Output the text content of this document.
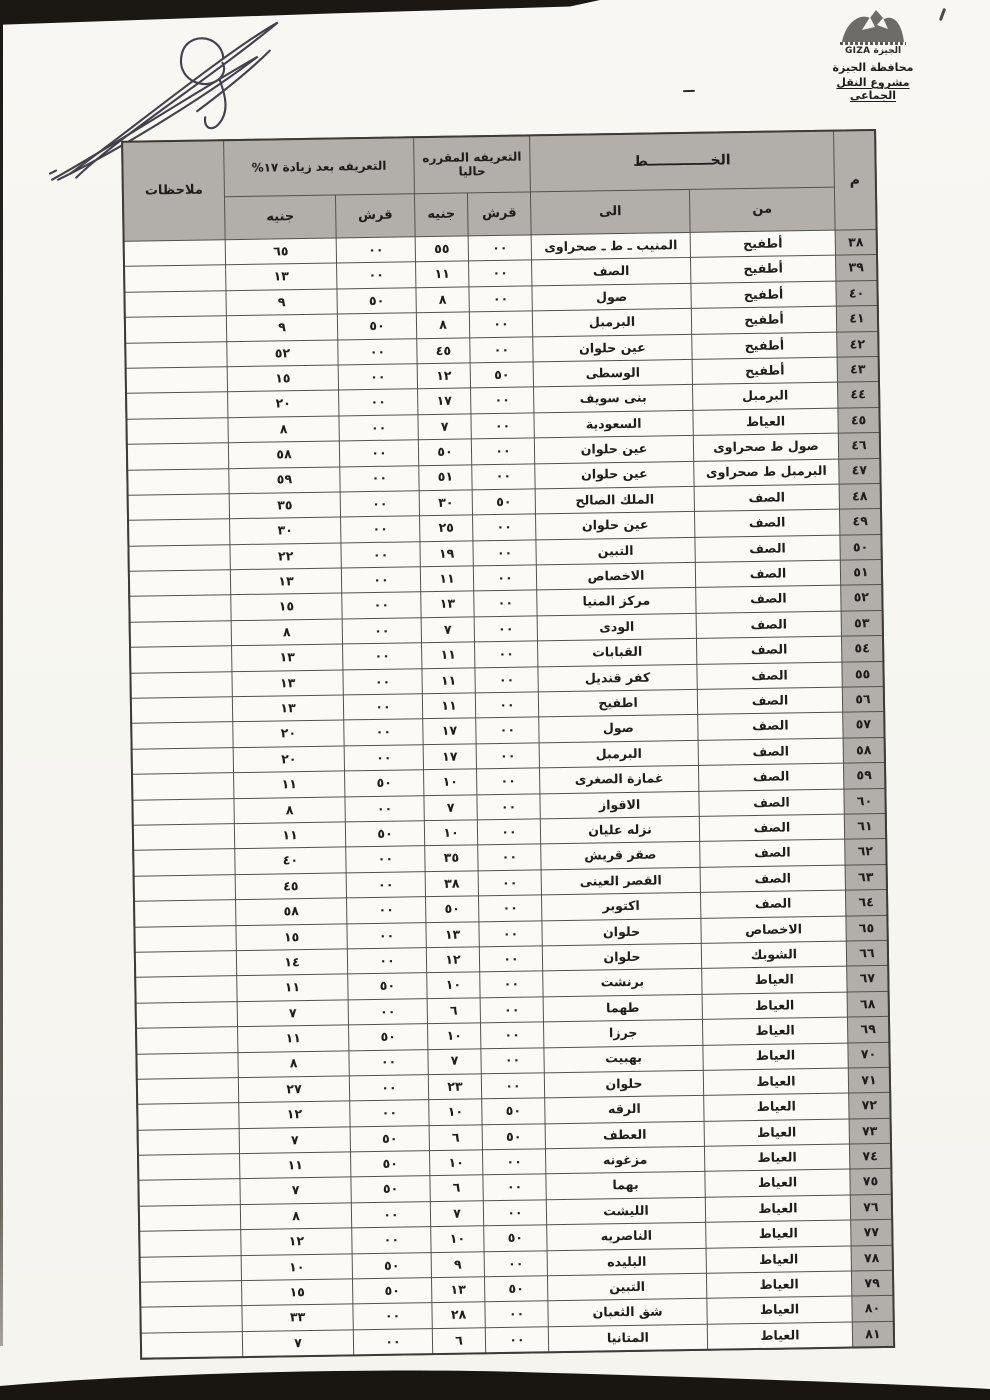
الجيزة GIZA
محافظة الجيزة
مشروع النقل الجماعى
ملاحظات
التعريفه بعد زيادة ١٧%
التعريفه المقرره حاليا
الخـــــــــــــط
م
جنيه	قرش	جنيه	قرش	الى	من
٦٥	٠٠	٥٥	٠٠	المنيب ـ ط ـ صحراوى	أطفيح	٣٨
١٣	٠٠	١١	٠٠	الصف	أطفيح	٣٩
٩	٥٠	٨	٠٠	صول	أطفيح	٤٠
٩	٥٠	٨	٠٠	البرمبل	أطفيح	٤١
٥٢	٠٠	٤٥	٠٠	عين حلوان	أطفيح	٤٢
١٥	٠٠	١٢	٥٠	الوسطى	أطفيح	٤٣
٢٠	٠٠	١٧	٠٠	بنى سويف	البرمبل	٤٤
٨	٠٠	٧	٠٠	السعودية	العياط	٤٥
٥٨	٠٠	٥٠	٠٠	عين حلوان	صول ط صحراوى	٤٦
٥٩	٠٠	٥١	٠٠	عين حلوان	البرمبل ط صحراوى	٤٧
٣٥	٠٠	٣٠	٥٠	الملك الصالح	الصف	٤٨
٣٠	٠٠	٢٥	٠٠	عين حلوان	الصف	٤٩
٢٢	٠٠	١٩	٠٠	التبين	الصف	٥٠
١٣	٠٠	١١	٠٠	الاخصاص	الصف	٥١
١٥	٠٠	١٣	٠٠	مركز المنيا	الصف	٥٢
٨	٠٠	٧	٠٠	الودى	الصف	٥٣
١٣	٠٠	١١	٠٠	القبابات	الصف	٥٤
١٣	٠٠	١١	٠٠	كفر قنديل	الصف	٥٥
١٣	٠٠	١١	٠٠	اطفيح	الصف	٥٦
٢٠	٠٠	١٧	٠٠	صول	الصف	٥٧
٢٠	٠٠	١٧	٠٠	البرمبل	الصف	٥٨
١١	٥٠	١٠	٠٠	غمازة الصغرى	الصف	٥٩
٨	٠٠	٧	٠٠	الاقواز	الصف	٦٠
١١	٥٠	١٠	٠٠	نزله عليان	الصف	٦١
٤٠	٠٠	٣٥	٠٠	صقر قريش	الصف	٦٢
٤٥	٠٠	٣٨	٠٠	القصر العينى	الصف	٦٣
٥٨	٠٠	٥٠	٠٠	اكتوبر	الصف	٦٤
١٥	٠٠	١٣	٠٠	حلوان	الاخصاص	٦٥
١٤	٠٠	١٢	٠٠	حلوان	الشوبك	٦٦
١١	٥٠	١٠	٠٠	برنشت	العياط	٦٧
٧	٠٠	٦	٠٠	طهما	العياط	٦٨
١١	٥٠	١٠	٠٠	جرزا	العياط	٦٩
٨	٠٠	٧	٠٠	بهبيت	العياط	٧٠
٢٧	٠٠	٢٣	٠٠	حلوان	العياط	٧١
١٢	٠٠	١٠	٥٠	الرقه	العياط	٧٢
٧	٥٠	٦	٥٠	العطف	العياط	٧٣
١١	٥٠	١٠	٠٠	مزغونه	العياط	٧٤
٧	٥٠	٦	٠٠	بهما	العياط	٧٥
٨	٠٠	٧	٠٠	الليشت	العياط	٧٦
١٢	٠٠	١٠	٥٠	الناصريه	العياط	٧٧
١٠	٥٠	٩	٠٠	البليده	العياط	٧٨
١٥	٥٠	١٣	٥٠	التبين	العياط	٧٩
٣٣	٠٠	٢٨	٠٠	شق الثعبان	العياط	٨٠
٧	٠٠	٦	٠٠	المتانيا	العياط	٨١
